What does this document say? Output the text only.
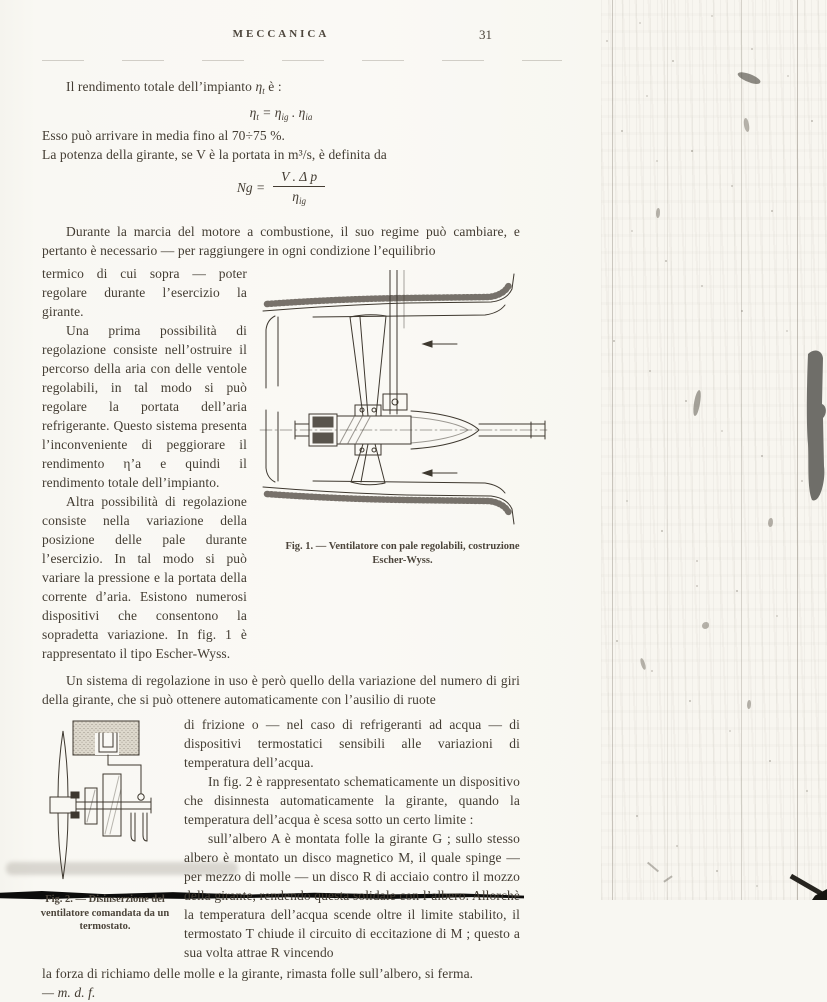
MECCANICA	31

Il rendimento totale dell’impianto $\eta_t$ è :

$\eta_t = \eta_{ig}$ . $\eta_{ia}$

Esso può arrivare in media fino al 70÷75 %.

La potenza della girante, se V è la portata in m³/s, è definita da

$Ng = \frac{\text{V . Δ p}}{\eta_{ig}}$

Durante la marcia del motore a combustione, il suo regime può cambiare, e pertanto è necessario — per raggiungere in ogni condizione l’equilibrio

termico di cui sopra — poter regolare durante l’esercizio la girante.

Una prima possibilità di regolazione consiste nell’ostruire il percorso della aria con delle ventole regolabili, in tal modo si può regolare la portata dell’aria refrigerante. Questo sistema presenta l’inconveniente di peggiorare il rendimento η’a e quindi il rendimento totale dell’impianto.

Altra possibilità di regolazione consiste nella variazione della posizione delle pale durante l’esercizio. In tal modo si può variare la pressione e la portata della corrente d’aria. Esistono numerosi dispositivi che consentono la sopradetta variazione. In fig. 1 è rappresentato il tipo Escher-Wyss.

Fig. 1. — Ventilatore con pale regolabili, costruzione Escher-Wyss.

Un sistema di regolazione in uso è però quello della variazione del numero di giri della girante, che si può ottenere automaticamente con l’ausilio di ruote

Fig. 2. — Disinserzione del ventilatore comandata da un termostato.

di frizione o — nel caso di refrigeranti ad acqua — di dispositivi termostatici sensibili alle variazioni di temperatura dell’acqua.

In fig. 2 è rappresentato schematicamente un dispositivo che disinnesta automaticamente la girante, quando la temperatura dell’acqua è scesa sotto un certo limite :

sull’albero A è montata folle la girante G ; sullo stesso albero è montato un disco magnetico M, il quale spinge — per mezzo di molle — un disco R di acciaio contro il mozzo della girante, rendendo questa solidale con l’albero. Allorchè la temperatura dell’acqua scende oltre il limite stabilito, il termostato T chiude il circuito di eccitazione di M ; questo a sua volta attrae R vincendo

la forza di richiamo delle molle e la girante, rimasta folle sull’albero, si ferma.

— m. d. f.
